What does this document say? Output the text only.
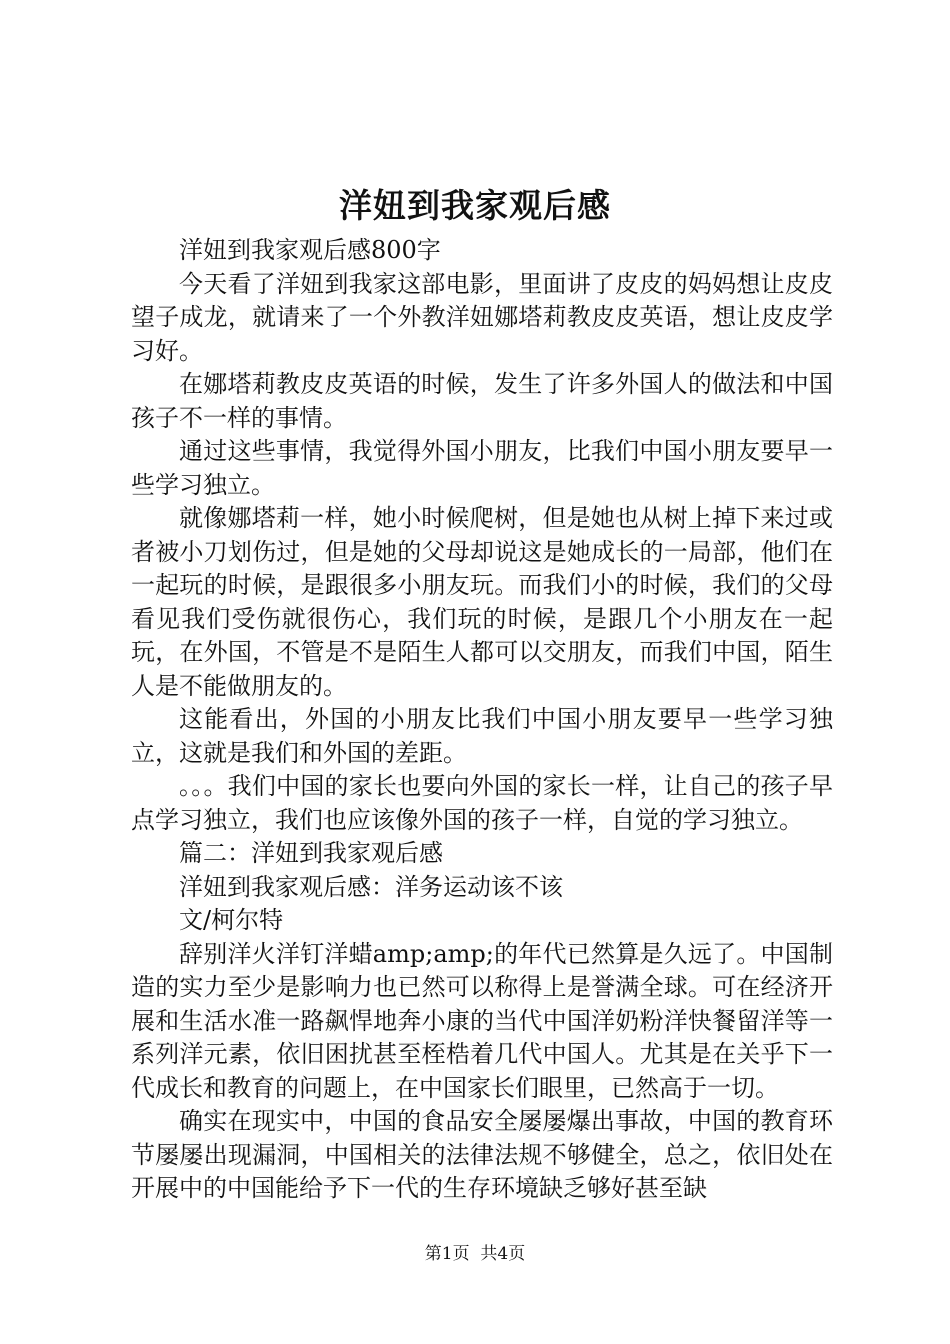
洋妞到我家观后感

洋妞到我家观后感800字

今天看了洋妞到我家这部电影，里面讲了皮皮的妈妈想让皮皮望子成龙，就请来了一个外教洋妞娜塔莉教皮皮英语，想让皮皮学习好。

在娜塔莉教皮皮英语的时候，发生了许多外国人的做法和中国孩子不一样的事情。

通过这些事情，我觉得外国小朋友，比我们中国小朋友要早一些学习独立。

就像娜塔莉一样，她小时候爬树，但是她也从树上掉下来过或者被小刀划伤过，但是她的父母却说这是她成长的一局部，他们在一起玩的时候，是跟很多小朋友玩。而我们小的时候，我们的父母看见我们受伤就很伤心，我们玩的时候，是跟几个小朋友在一起玩，在外国，不管是不是陌生人都可以交朋友，而我们中国，陌生人是不能做朋友的。

这能看出，外国的小朋友比我们中国小朋友要早一些学习独立，这就是我们和外国的差距。

。。。我们中国的家长也要向外国的家长一样，让自己的孩子早点学习独立，我们也应该像外国的孩子一样，自觉的学习独立。

篇二：洋妞到我家观后感

洋妞到我家观后感：洋务运动该不该

文/柯尔特

辞别洋火洋钉洋蜡amp;amp;的年代已然算是久远了。中国制造的实力至少是影响力也已然可以称得上是誉满全球。可在经济开展和生活水准一路飙悍地奔小康的当代中国洋奶粉洋快餐留洋等一系列洋元素，依旧困扰甚至桎梏着几代中国人。尤其是在关乎下一代成长和教育的问题上，在中国家长们眼里，已然高于一切。

确实在现实中，中国的食品安全屡屡爆出事故，中国的教育环节屡屡出现漏洞，中国相关的法律法规不够健全，总之，依旧处在开展中的中国能给予下一代的生存环境缺乏够好甚至缺

第1页 共4页
